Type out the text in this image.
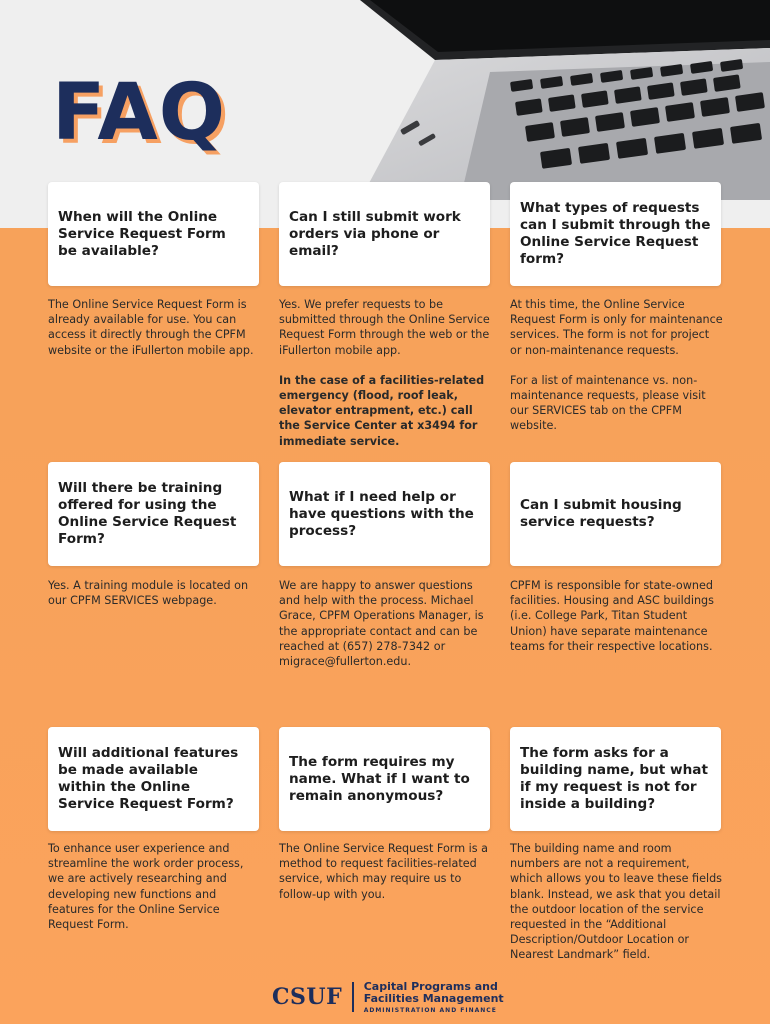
FAQ
When will the Online Service Request Form be available?
Can I still submit work orders via phone or email?
What types of requests can I submit through the Online Service Request form?

The Online Service Request Form is already available for use. You can access it directly through the CPFM website or the iFullerton mobile app.

Yes. We prefer requests to be submitted through the Online Service Request Form through the web or the iFullerton mobile app.

In the case of a facilities-related emergency (flood, roof leak, elevator entrapment, etc.) call the Service Center at x3494 for immediate service.

At this time, the Online Service Request Form is only for maintenance services. The form is not for project or non-maintenance requests.

For a list of maintenance vs. non-maintenance requests, please visit our SERVICES tab on the CPFM website.

Will there be training offered for using the Online Service Request Form?
What if I need help or have questions with the process?
Can I submit housing service requests?

Yes. A training module is located on our CPFM SERVICES webpage.

We are happy to answer questions and help with the process. Michael Grace, CPFM Operations Manager, is the appropriate contact and can be reached at (657) 278-7342 or migrace@fullerton.edu.

CPFM is responsible for state-owned facilities. Housing and ASC buildings (i.e. College Park, Titan Student Union) have separate maintenance teams for their respective locations.

Will additional features be made available within the Online Service Request Form?
The form requires my name. What if I want to remain anonymous?
The form asks for a building name, but what if my request is not for inside a building?

To enhance user experience and streamline the work order process, we are actively researching and developing new functions and features for the Online Service Request Form.

The Online Service Request Form is a method to request facilities-related service, which may require us to follow-up with you.

The building name and room numbers are not a requirement, which allows you to leave these fields blank. Instead, we ask that you detail the outdoor location of the service requested in the “Additional Description/Outdoor Location or Nearest Landmark” field.

CSUF Capital Programs and
Facilities Management
ADMINISTRATION AND FINANCE
